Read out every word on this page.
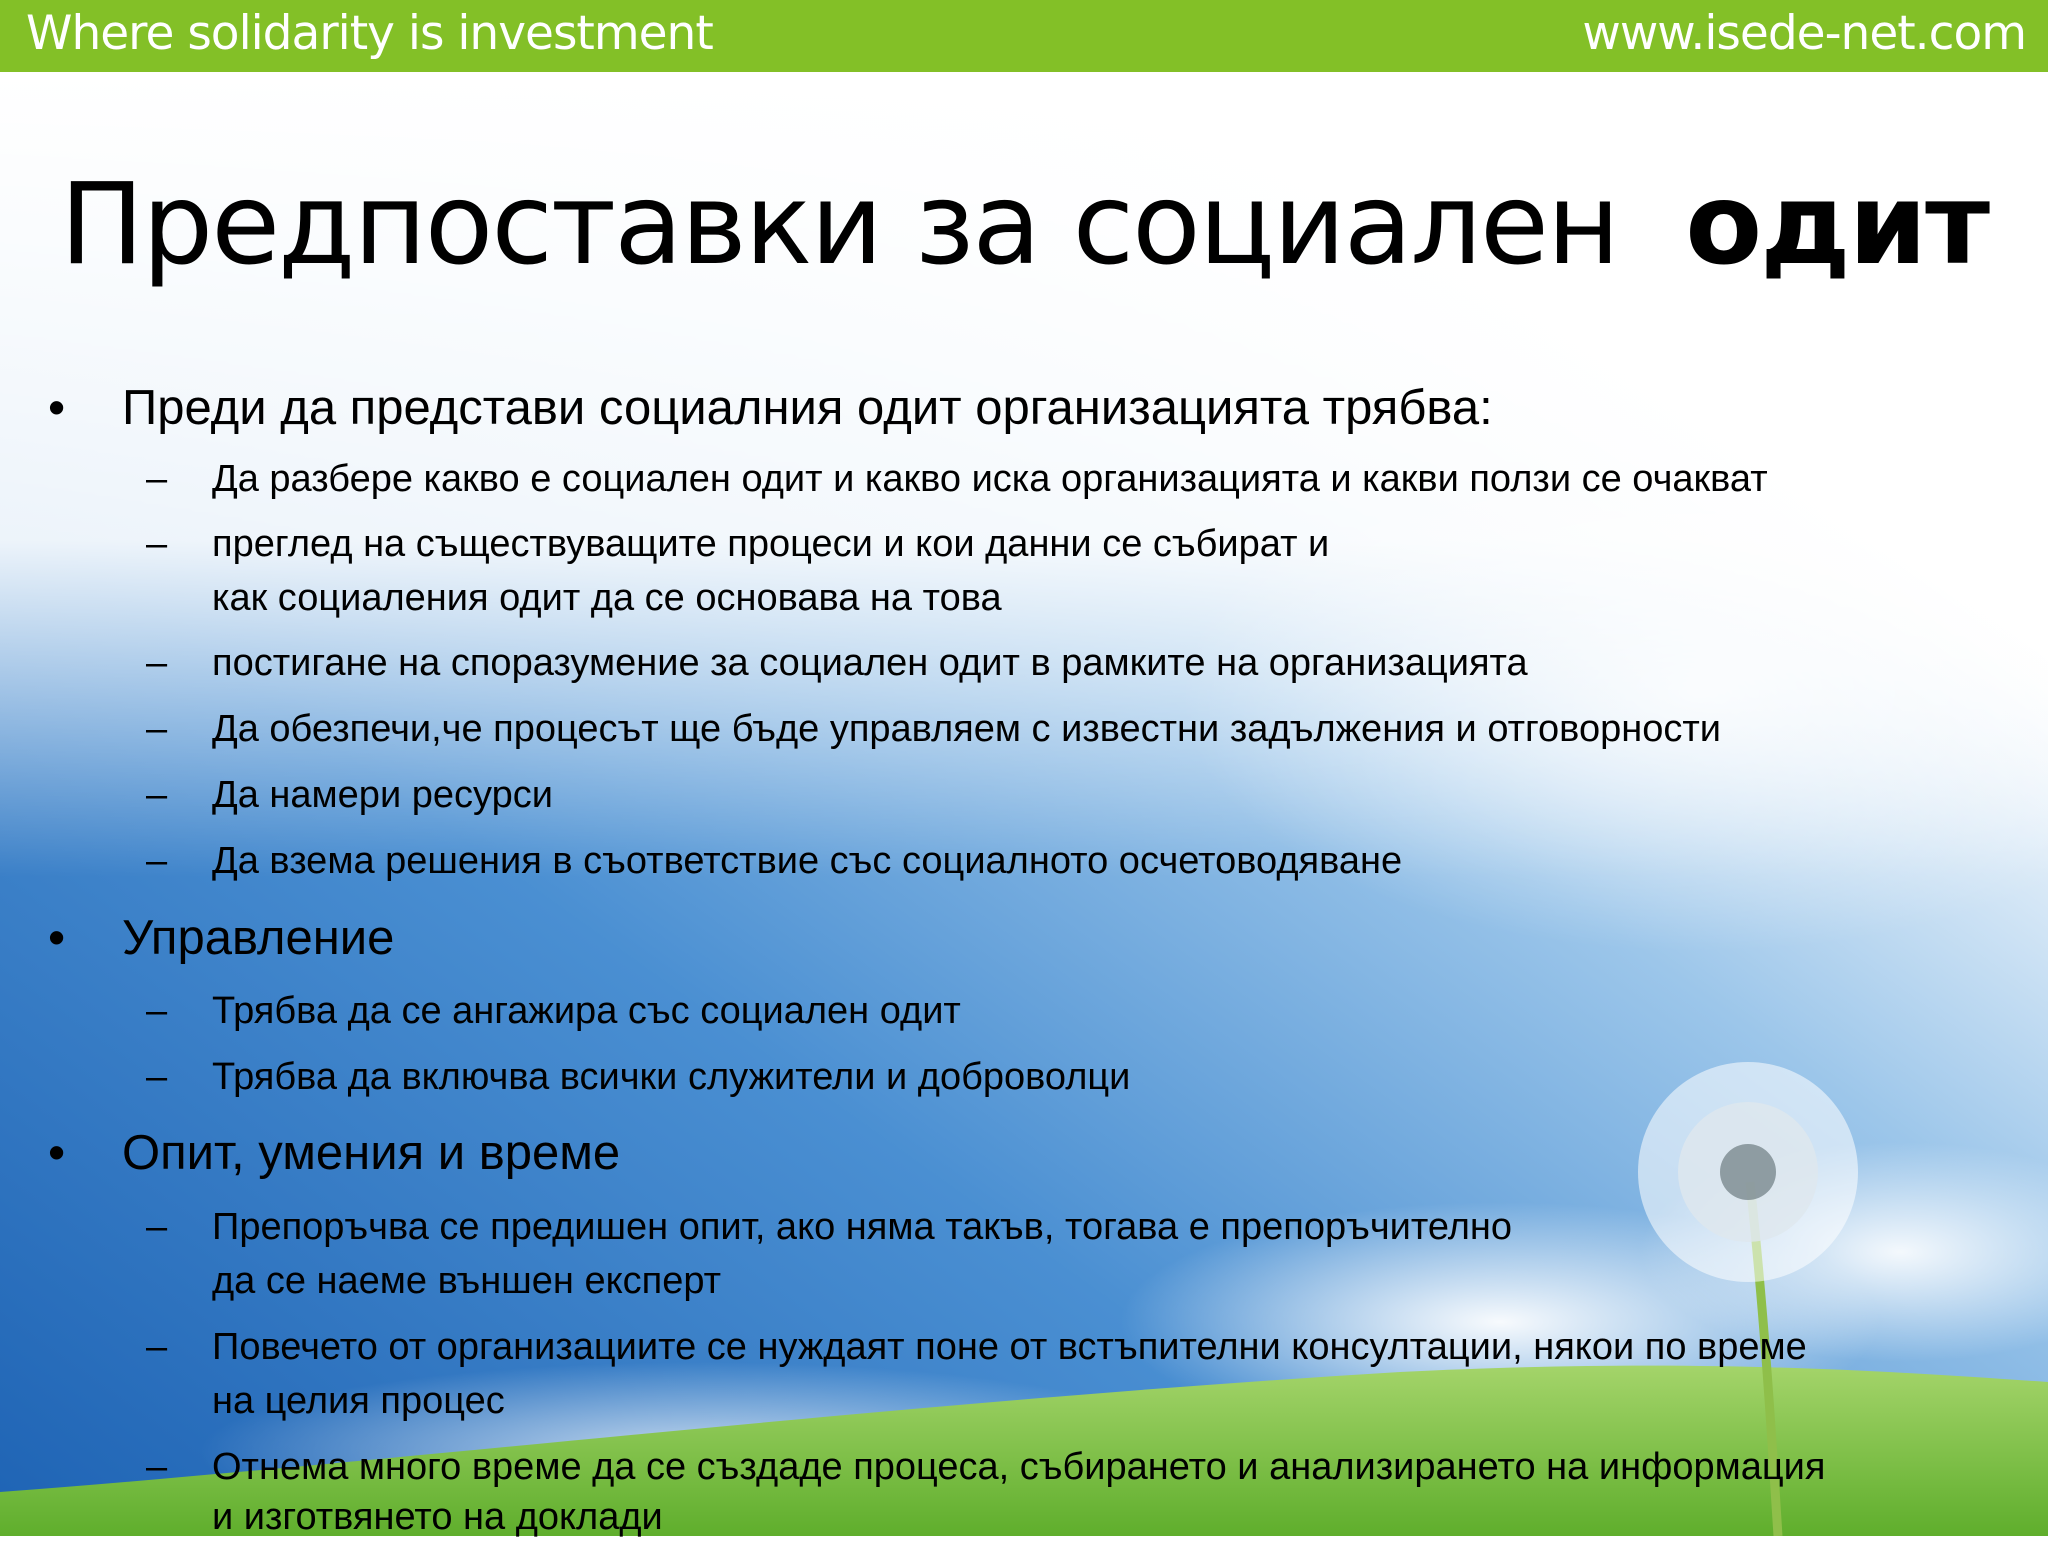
Where solidarity is investment	www.isede-net.com
Предпоставки за социален одит
• Преди да представи социалния одит организацията трябва:
– Да разбере какво е социален одит и какво иска организацията и какви ползи се очакват
– преглед на съществуващите процеси и кои данни се събират и
как социаления одит да се основава на това
– постигане на споразумение за социален одит в рамките на организацията
– Да обезпечи,че процесът ще бъде управляем с известни задължения и отговорности
– Да намери ресурси
– Да взема решения в съответствие със социалното осчетоводяване
• Управление
– Трябва да се ангажира със социален одит
– Трябва да включва всички служители и доброволци
• Опит, умения и време
– Препоръчва се предишен опит, ако няма такъв, тогава е препоръчително
да се наеме външен експерт
– Повечето от организациите се нуждаят поне от встъпителни консултации, някои по време
на целия процес
– Отнема много време да се създаде процеса, събирането и анализирането на информация
и изготвянето на доклади
